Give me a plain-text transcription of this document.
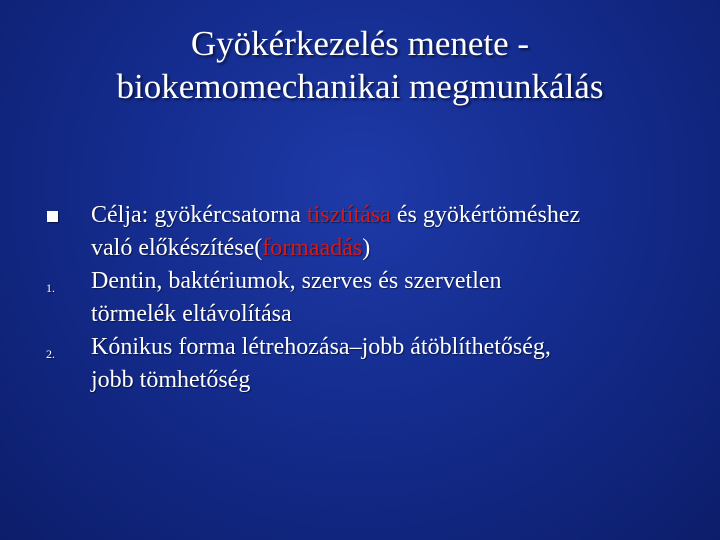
Gyökérkezelés menete -
biokemomechanikai megmunkálás
Célja: gyökércsatorna tisztítása és gyökértöméshez
való előkészítése(formaadás)
1.	Dentin, baktériumok, szerves és szervetlen
törmelék eltávolítása
2.	Kónikus forma létrehozása–jobb átöblíthetőség,
jobb tömhetőség
